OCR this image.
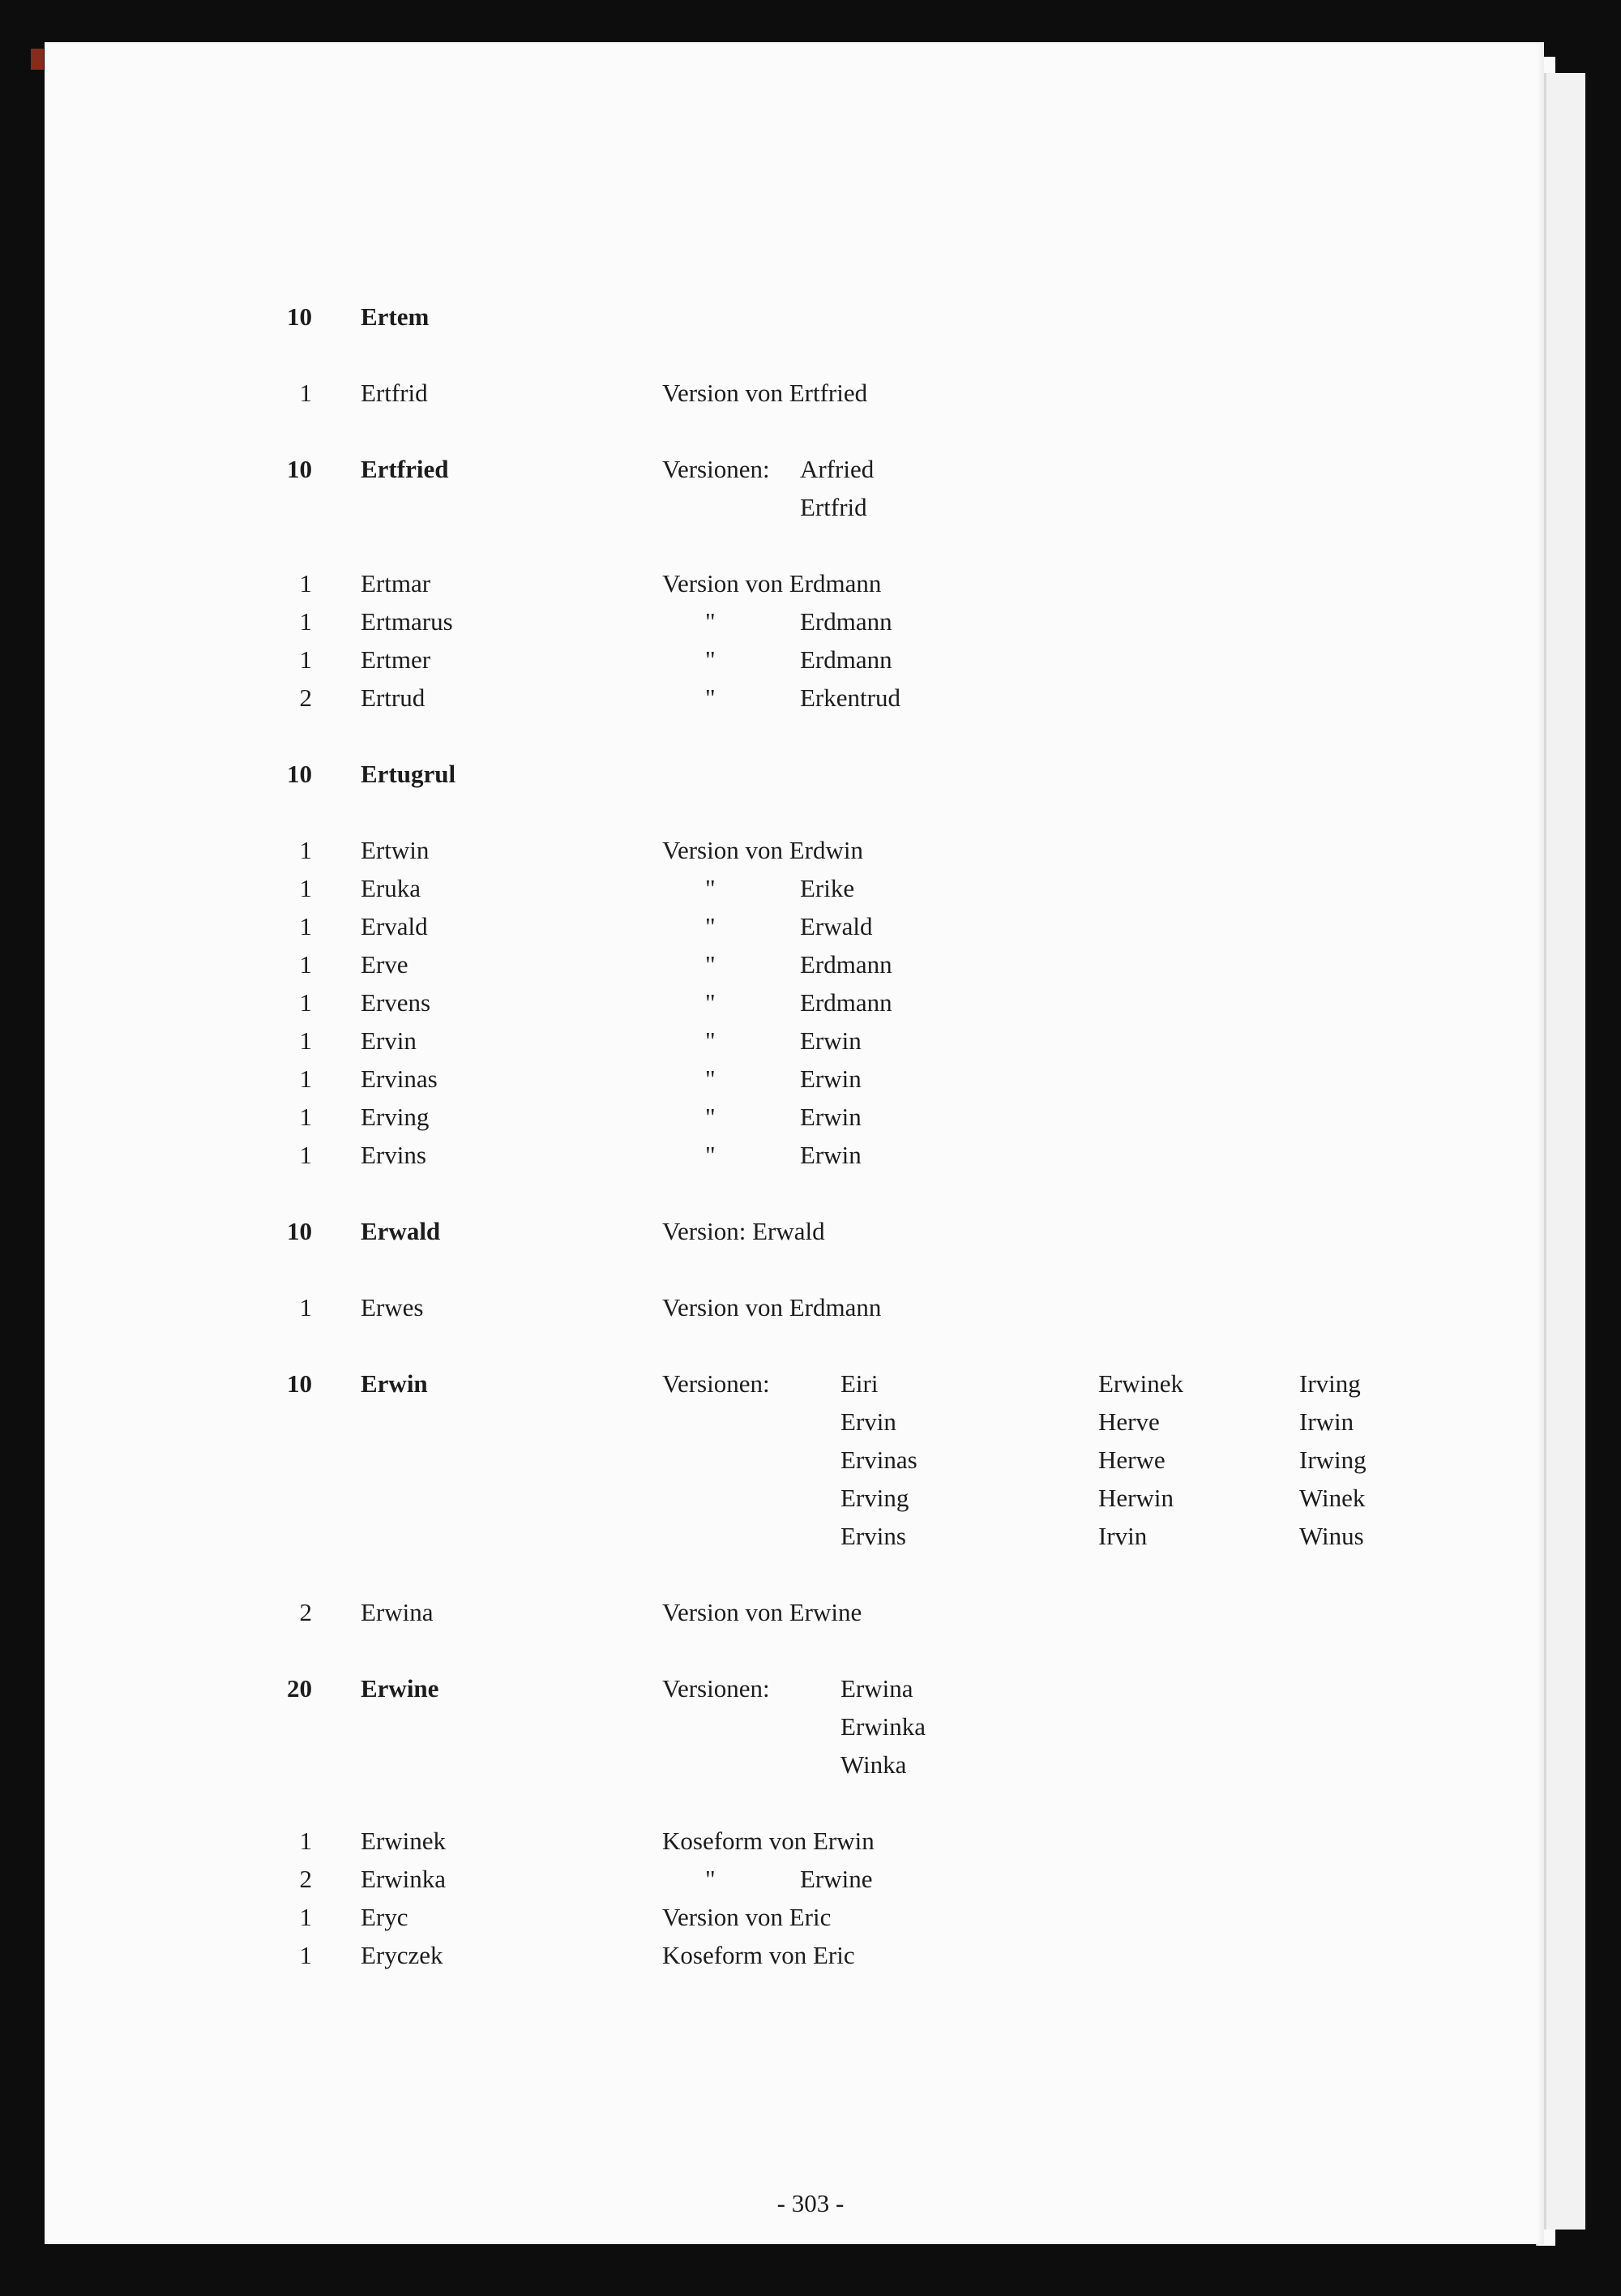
10 Ertem
1 Ertfrid	Version von Ertfried
10 Ertfried	Versionen: Arfried
Ertfrid
1 Ertmar	Version von Erdmann
1 Ertmarus	"	Erdmann
1 Ertmer	"	Erdmann
2 Ertrud	"	Erkentrud
10 Ertugrul
1 Ertwin	Version von Erdwin
1 Eruka	"	Erike
1 Ervald	"	Erwald
1 Erve	"	Erdmann
1 Ervens	"	Erdmann
1 Ervin	"	Erwin
1 Ervinas	"	Erwin
1 Erving	"	Erwin
1 Ervins	"	Erwin
10 Erwald	Version: Erwald
1 Erwes	Version von Erdmann
10 Erwin	Versionen:	Eiri	Erwinek	Irving
Ervin	Herve	Irwin
Ervinas	Herwe	Irwing
Erving	Herwin	Winek
Ervins	Irvin	Winus
2 Erwina	Version von Erwine
20 Erwine	Versionen:	Erwina
Erwinka
Winka
1 Erwinek	Koseform von Erwin
2 Erwinka	"	Erwine
1 Eryc	Version von Eric
1 Eryczek	Koseform von Eric
- 303 -
